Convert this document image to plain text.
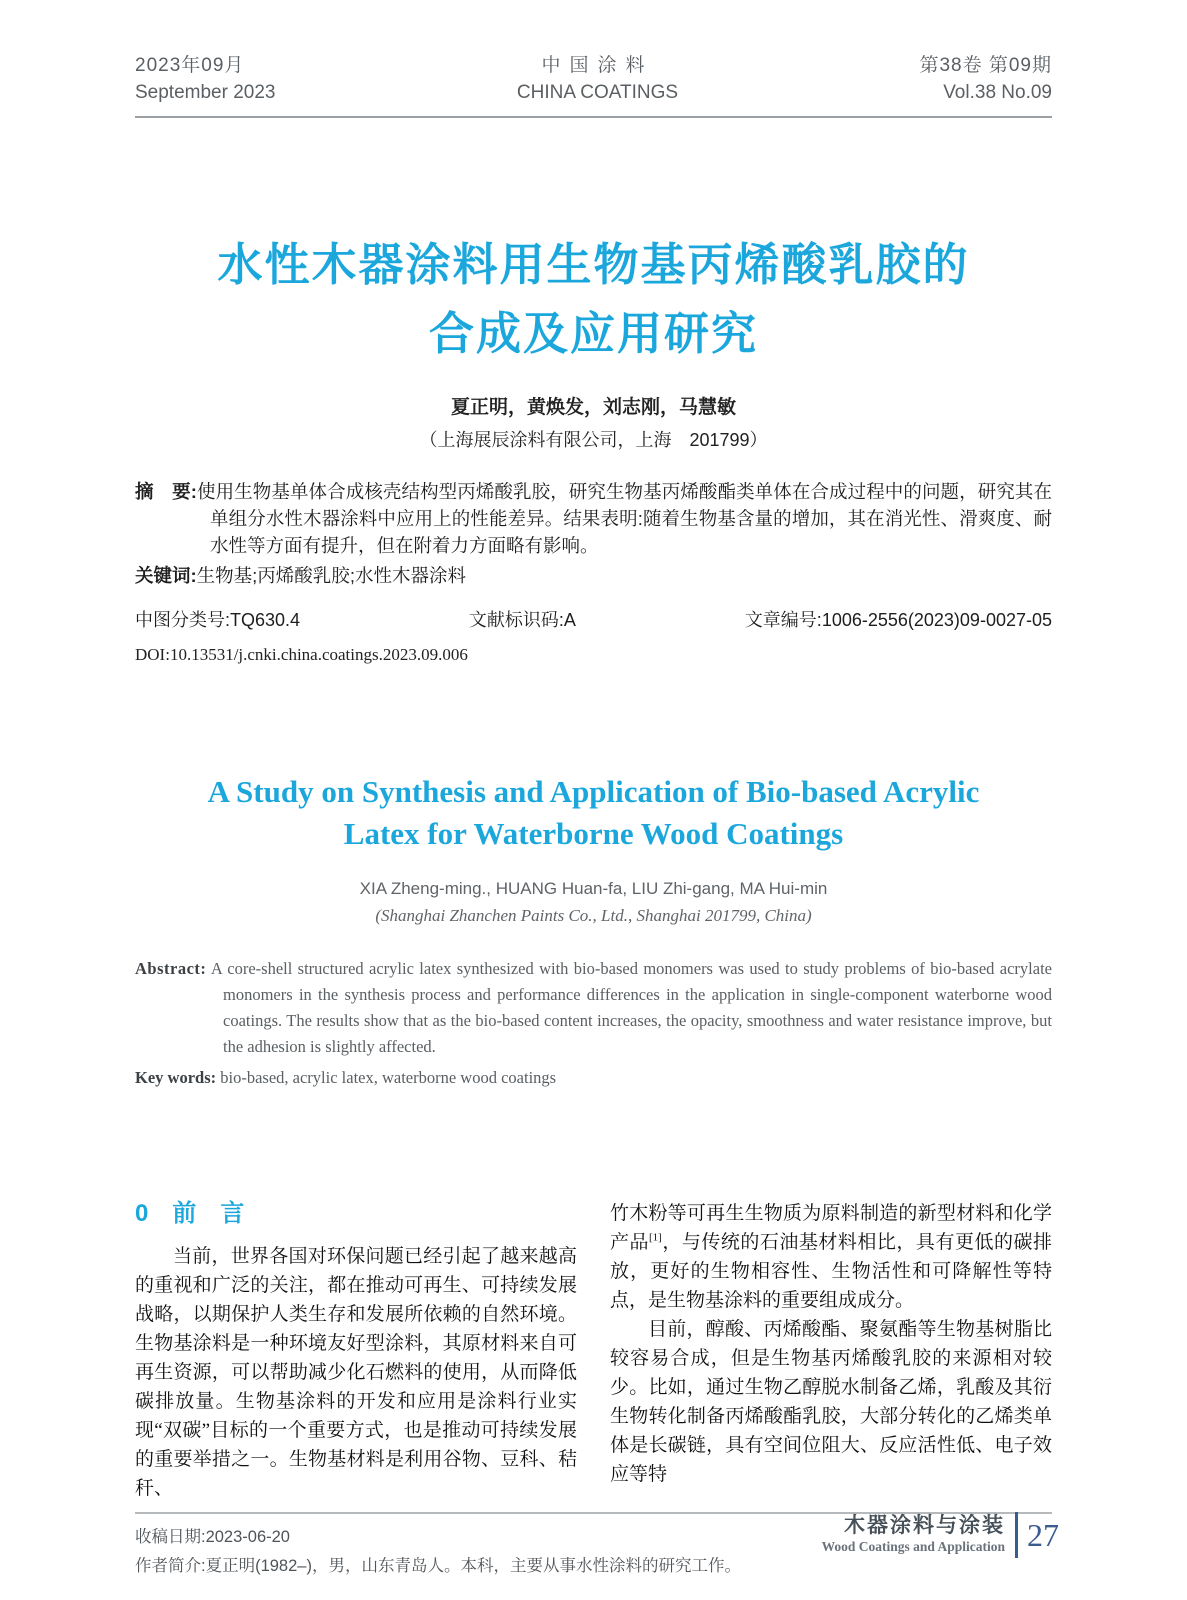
2023年09月
September 2023
中国涂料
CHINA COATINGS
第38卷 第09期
Vol.38 No.09
水性木器涂料用生物基丙烯酸乳胶的
合成及应用研究
夏正明，黄焕发，刘志刚，马慧敏
（上海展辰涂料有限公司，上海　201799）

摘　要:使用生物基单体合成核壳结构型丙烯酸乳胶，研究生物基丙烯酸酯类单体在合成过程中的问题，研究其在单组分水性木器涂料中应用上的性能差异。结果表明:随着生物基含量的增加，其在消光性、滑爽度、耐水性等方面有提升，但在附着力方面略有影响。

关键词:生物基;丙烯酸乳胶;水性木器涂料

中图分类号:TQ630.4	文献标识码:A	文章编号:1006-2556(2023)09-0027-05
DOI:10.13531/j.cnki.china.coatings.2023.09.006
A Study on Synthesis and Application of Bio-based Acrylic
Latex for Waterborne Wood Coatings
XIA Zheng-ming., HUANG Huan-fa, LIU Zhi-gang, MA Hui-min
(Shanghai Zhanchen Paints Co., Ltd., Shanghai 201799, China)

Abstract: A core-shell structured acrylic latex synthesized with bio-based monomers was used to study problems of bio-based acrylate monomers in the synthesis process and performance differences in the application in single-component waterborne wood coatings. The results show that as the bio-based content increases, the opacity, smoothness and water resistance improve, but the adhesion is slightly affected.

Key words: bio-based, acrylic latex, waterborne wood coatings

0　前　言

当前，世界各国对环保问题已经引起了越来越高的重视和广泛的关注，都在推动可再生、可持续发展战略，以期保护人类生存和发展所依赖的自然环境。生物基涂料是一种环境友好型涂料，其原材料来自可再生资源，可以帮助减少化石燃料的使用，从而降低碳排放量。生物基涂料的开发和应用是涂料行业实现“双碳”目标的一个重要方式，也是推动可持续发展的重要举措之一。生物基材料是利用谷物、豆科、秸秆、

竹木粉等可再生生物质为原料制造的新型材料和化学产品[1]，与传统的石油基材料相比，具有更低的碳排放，更好的生物相容性、生物活性和可降解性等特点，是生物基涂料的重要组成成分。

目前，醇酸、丙烯酸酯、聚氨酯等生物基树脂比较容易合成，但是生物基丙烯酸乳胶的来源相对较少。比如，通过生物乙醇脱水制备乙烯，乳酸及其衍生物转化制备丙烯酸酯乳胶，大部分转化的乙烯类单体是长碳链，具有空间位阻大、反应活性低、电子效应等特

收稿日期:2023-06-20
作者简介:夏正明(1982–)，男，山东青岛人。本科，主要从事水性涂料的研究工作。
木器涂料与涂装
Wood Coatings and Application 27
